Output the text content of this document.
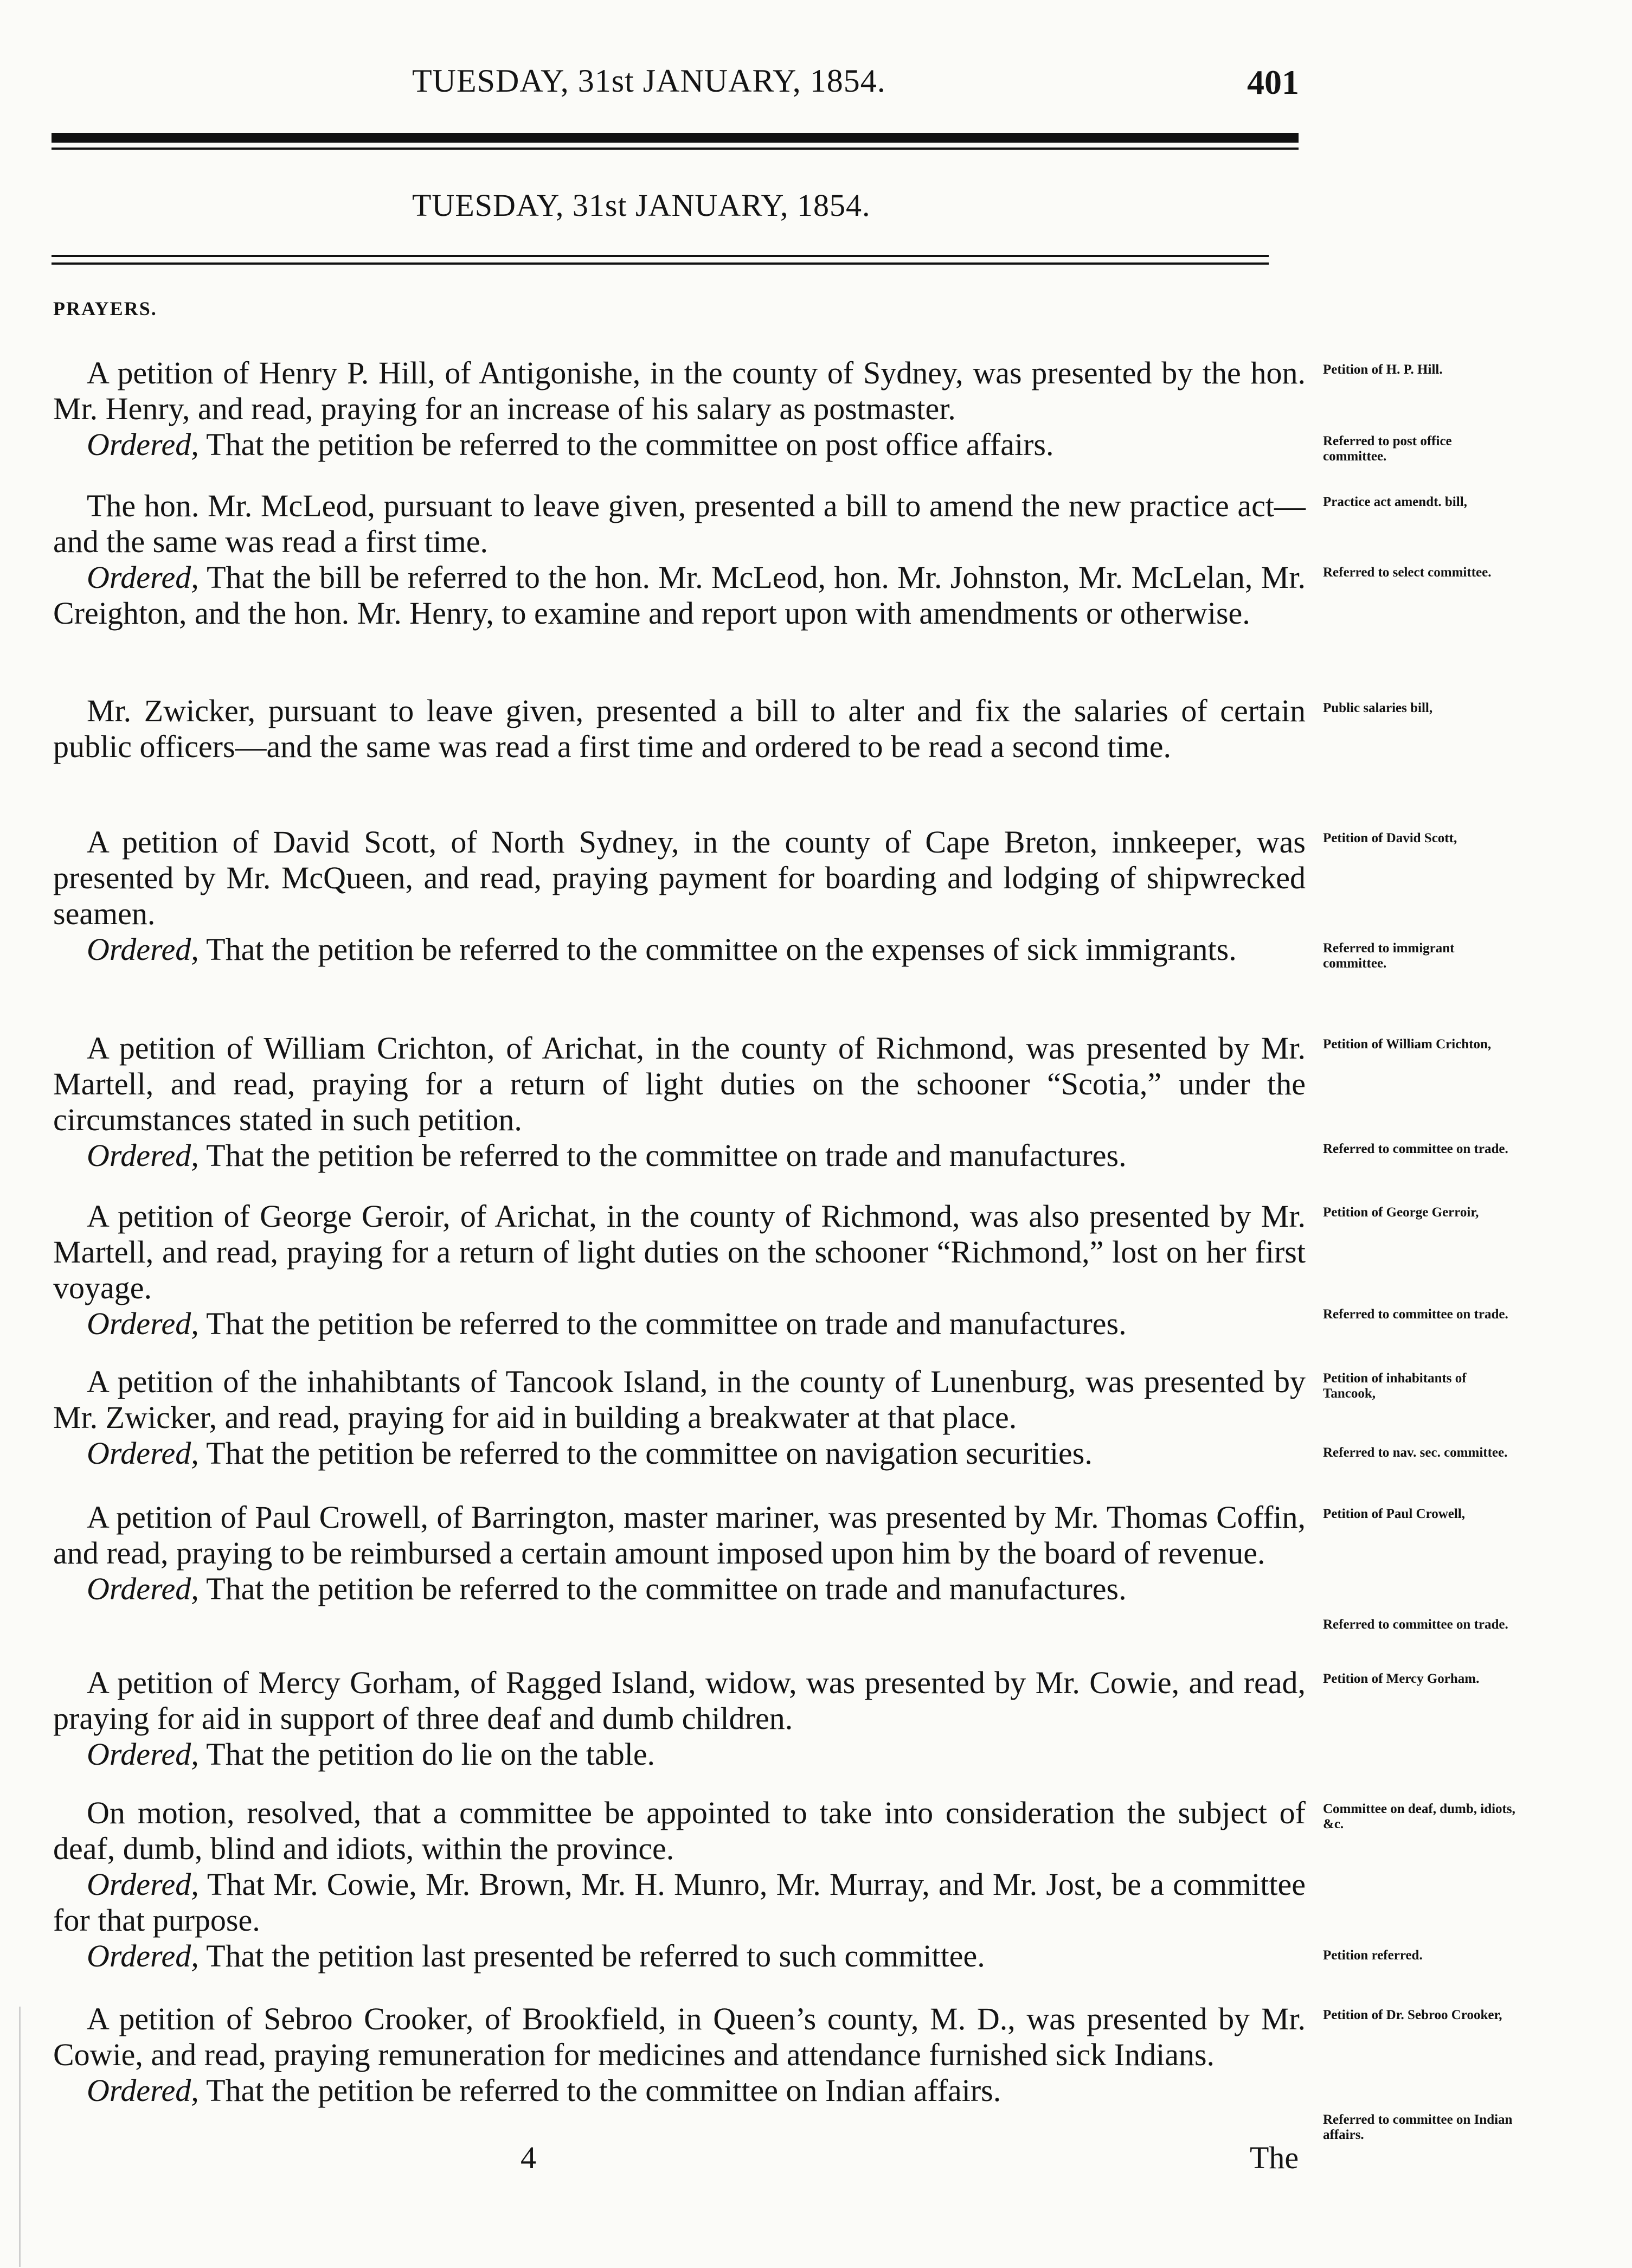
TUESDAY, 31st JANUARY, 1854.	401
TUESDAY, 31st JANUARY, 1854.
PRAYERS.

A petition of Henry P. Hill, of Antigonishe, in the county of Sydney, was presented by the hon. Mr. Henry, and read, praying for an increase of his salary as postmaster.

Ordered, That the petition be referred to the committee on post office affairs.

Petition of H. P. Hill.
Referred to post office committee.

The hon. Mr. McLeod, pursuant to leave given, presented a bill to amend the new practice act—and the same was read a first time.

Ordered, That the bill be referred to the hon. Mr. McLeod, hon. Mr. Johnston, Mr. McLelan, Mr. Creighton, and the hon. Mr. Henry, to examine and report upon with amendments or otherwise.

Practice act amendt. bill,
Referred to select committee.

Mr. Zwicker, pursuant to leave given, presented a bill to alter and fix the salaries of certain public officers—and the same was read a first time and ordered to be read a second time.

Public salaries bill,

A petition of David Scott, of North Sydney, in the county of Cape Breton, innkeeper, was presented by Mr. McQueen, and read, praying payment for boarding and lodging of shipwrecked seamen.

Ordered, That the petition be referred to the committee on the expenses of sick immigrants.

Petition of David Scott,
Referred to immigrant committee.

A petition of William Crichton, of Arichat, in the county of Richmond, was presented by Mr. Martell, and read, praying for a return of light duties on the schooner “Scotia,” under the circumstances stated in such petition.

Ordered, That the petition be referred to the committee on trade and manufactures.

Petition of William Crichton,
Referred to committee on trade.

A petition of George Geroir, of Arichat, in the county of Richmond, was also presented by Mr. Martell, and read, praying for a return of light duties on the schooner “Richmond,” lost on her first voyage.

Ordered, That the petition be referred to the committee on trade and manufactures.

Petition of George Gerroir,
Referred to committee on trade.

A petition of the inhahibtants of Tancook Island, in the county of Lunenburg, was presented by Mr. Zwicker, and read, praying for aid in building a breakwater at that place.

Ordered, That the petition be referred to the committee on navigation securities.

Petition of inhabitants of Tancook,
Referred to nav. sec. committee.

A petition of Paul Crowell, of Barrington, master mariner, was presented by Mr. Thomas Coffin, and read, praying to be reimbursed a certain amount imposed upon him by the board of revenue.

Ordered, That the petition be referred to the committee on trade and manufactures.

Petition of Paul Crowell,
Referred to committee on trade.

A petition of Mercy Gorham, of Ragged Island, widow, was presented by Mr. Cowie, and read, praying for aid in support of three deaf and dumb children.

Ordered, That the petition do lie on the table.

Petition of Mercy Gorham.

On motion, resolved, that a committee be appointed to take into consideration the subject of deaf, dumb, blind and idiots, within the province.

Ordered, That Mr. Cowie, Mr. Brown, Mr. H. Munro, Mr. Murray, and Mr. Jost, be a committee for that purpose.

Ordered, That the petition last presented be referred to such committee.

Committee on deaf, dumb, idiots, &c.
Petition referred.

A petition of Sebroo Crooker, of Brookfield, in Queen’s county, M. D., was presented by Mr. Cowie, and read, praying remuneration for medicines and attendance furnished sick Indians.

Ordered, That the petition be referred to the committee on Indian affairs.

Petition of Dr. Sebroo Crooker,
Referred to committee on Indian affairs.
4	The
